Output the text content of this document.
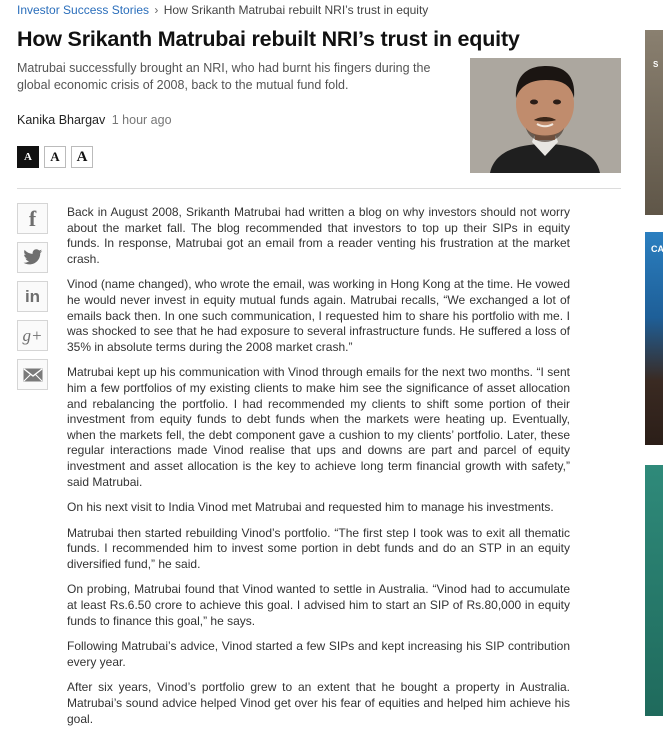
Investor Success Stories › How Srikanth Matrubai rebuilt NRI’s trust in equity
How Srikanth Matrubai rebuilt NRI’s trust in equity

Matrubai successfully brought an NRI, who had burnt his fingers during the global economic crisis of 2008, back to the mutual fund fold.

Kanika Bhargav 1 hour ago
A	A	A
f
in
g+

Back in August 2008, Srikanth Matrubai had written a blog on why investors should not worry about the market fall. The blog recommended that investors to top up their SIPs in equity funds. In response, Matrubai got an email from a reader venting his frustration at the market crash.

Vinod (name changed), who wrote the email, was working in Hong Kong at the time. He vowed he would never invest in equity mutual funds again. Matrubai recalls, “We exchanged a lot of emails back then. In one such communication, I requested him to share his portfolio with me. I was shocked to see that he had exposure to several infrastructure funds. He suffered a loss of 35% in absolute terms during the 2008 market crash.”

Matrubai kept up his communication with Vinod through emails for the next two months. “I sent him a few portfolios of my existing clients to make him see the significance of asset allocation and rebalancing the portfolio. I had recommended my clients to shift some portion of their investment from equity funds to debt funds when the markets were heating up. Eventually, when the markets fell, the debt component gave a cushion to my clients’ portfolio. Later, these regular interactions made Vinod realise that ups and downs are part and parcel of equity investment and asset allocation is the key to achieve long term financial growth with safety,” said Matrubai.

On his next visit to India Vinod met Matrubai and requested him to manage his investments.

Matrubai then started rebuilding Vinod’s portfolio. “The first step I took was to exit all thematic funds. I recommended him to invest some portion in debt funds and do an STP in an equity diversified fund,” he said.

On probing, Matrubai found that Vinod wanted to settle in Australia. “Vinod had to accumulate at least Rs.6.50 crore to achieve this goal. I advised him to start an SIP of Rs.80,000 in equity funds to finance this goal,” he says.

Following Matrubai’s advice, Vinod started a few SIPs and kept increasing his SIP contribution every year.

After six years, Vinod’s portfolio grew to an extent that he bought a property in Australia. Matrubai’s sound advice helped Vinod get over his fear of equities and helped him achieve his goal.

S
CA
